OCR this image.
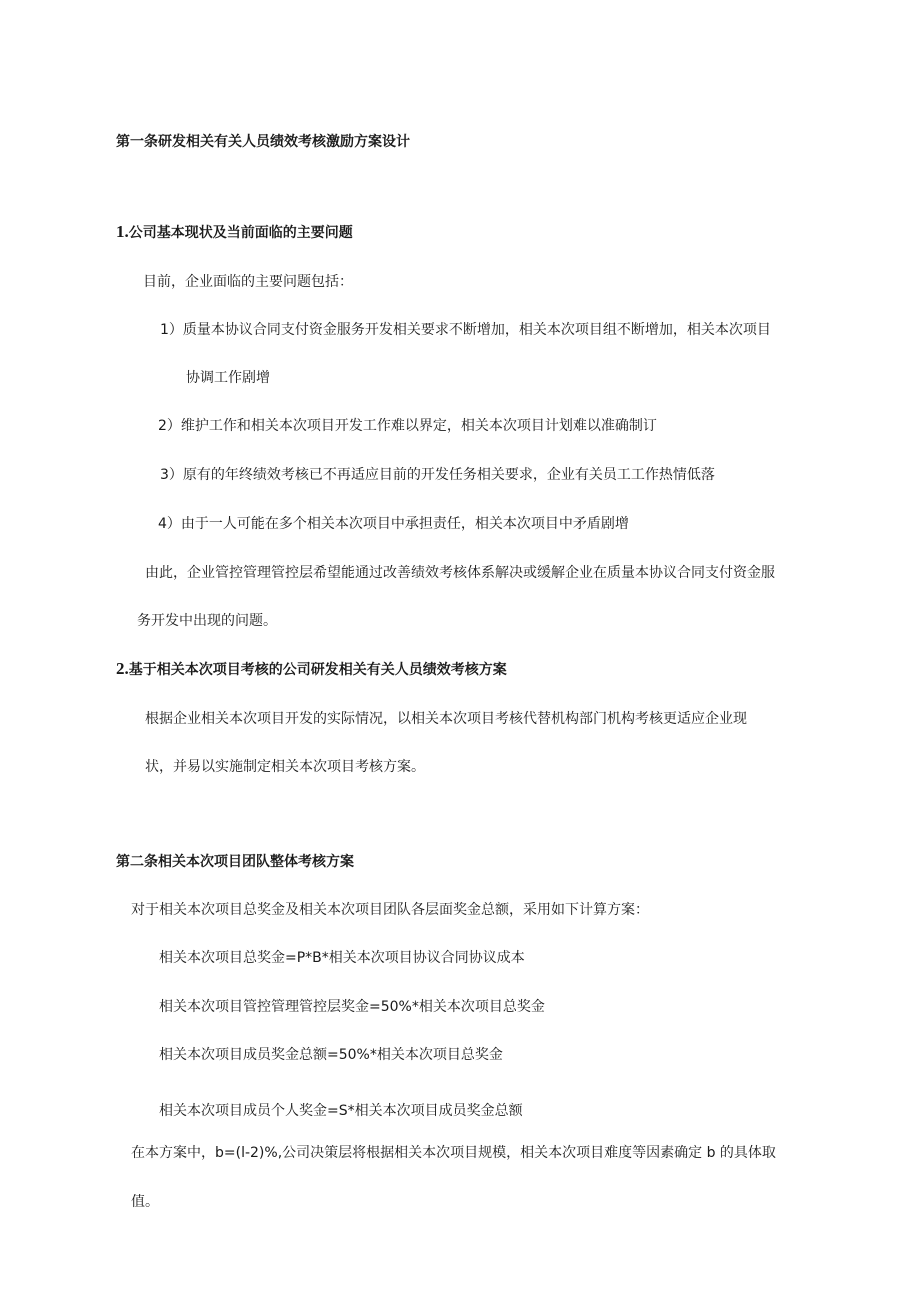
第一条研发相关有关人员绩效考核激励方案设计
1.公司基本现状及当前面临的主要问题
目前，企业面临的主要问题包括：
1）质量本协议合同支付资金服务开发相关要求不断增加，相关本次项目组不断增加，相关本次项目
协调工作剧增
2）维护工作和相关本次项目开发工作难以界定，相关本次项目计划难以准确制订
3）原有的年终绩效考核已不再适应目前的开发任务相关要求，企业有关员工工作热情低落
4）由于一人可能在多个相关本次项目中承担责任，相关本次项目中矛盾剧增
由此，企业管控管理管控层希望能通过改善绩效考核体系解决或缓解企业在质量本协议合同支付资金服
务开发中出现的问题。
2.基于相关本次项目考核的公司研发相关有关人员绩效考核方案
根据企业相关本次项目开发的实际情况，以相关本次项目考核代替机构部门机构考核更适应企业现
状，并易以实施制定相关本次项目考核方案。
第二条相关本次项目团队整体考核方案
对于相关本次项目总奖金及相关本次项目团队各层面奖金总额，采用如下计算方案：
相关本次项目总奖金=P*B*相关本次项目协议合同协议成本
相关本次项目管控管理管控层奖金=50%*相关本次项目总奖金
相关本次项目成员奖金总额=50%*相关本次项目总奖金
相关本次项目成员个人奖金=S*相关本次项目成员奖金总额
在本方案中，b=(l-2)%,公司决策层将根据相关本次项目规模，相关本次项目难度等因素确定 b 的具体取
值。
